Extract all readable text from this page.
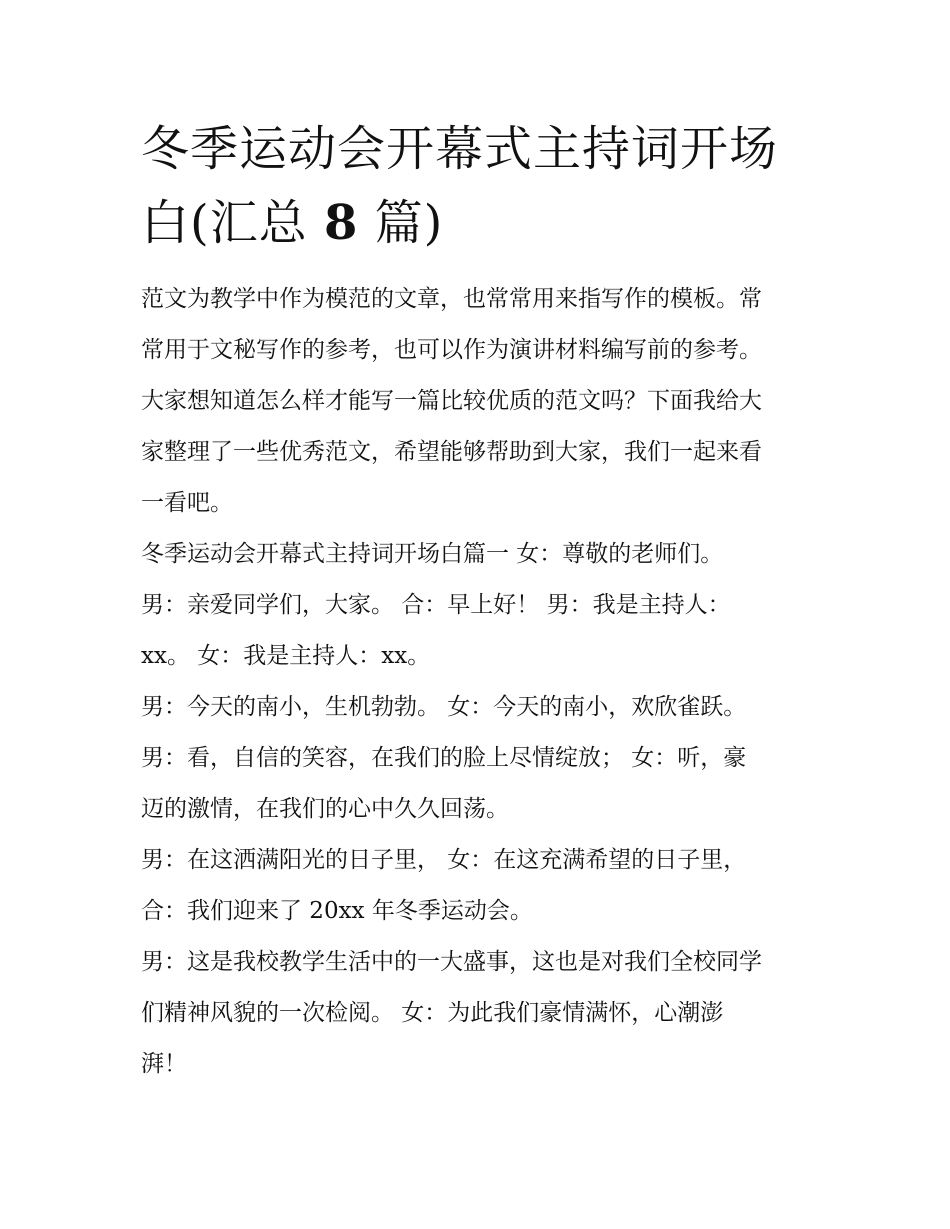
冬季运动会开幕式主持词开场
白(汇总 8 篇)

范文为教学中作为模范的文章，也常常用来指写作的模板。常
常用于文秘写作的参考，也可以作为演讲材料编写前的参考。
大家想知道怎么样才能写一篇比较优质的范文吗？下面我给大
家整理了一些优秀范文，希望能够帮助到大家，我们一起来看
一看吧。

冬季运动会开幕式主持词开场白篇一 女：尊敬的老师们。
男：亲爱同学们，大家。 合：早上好！ 男：我是主持人：
xx。 女：我是主持人：xx。
男：今天的南小，生机勃勃。 女：今天的南小，欢欣雀跃。
男：看，自信的笑容，在我们的脸上尽情绽放； 女：听，豪
迈的激情，在我们的心中久久回荡。
男：在这洒满阳光的日子里， 女：在这充满希望的日子里，
合：我们迎来了 20xx 年冬季运动会。
男：这是我校教学生活中的一大盛事，这也是对我们全校同学
们精神风貌的一次检阅。 女：为此我们豪情满怀，心潮澎
湃！
